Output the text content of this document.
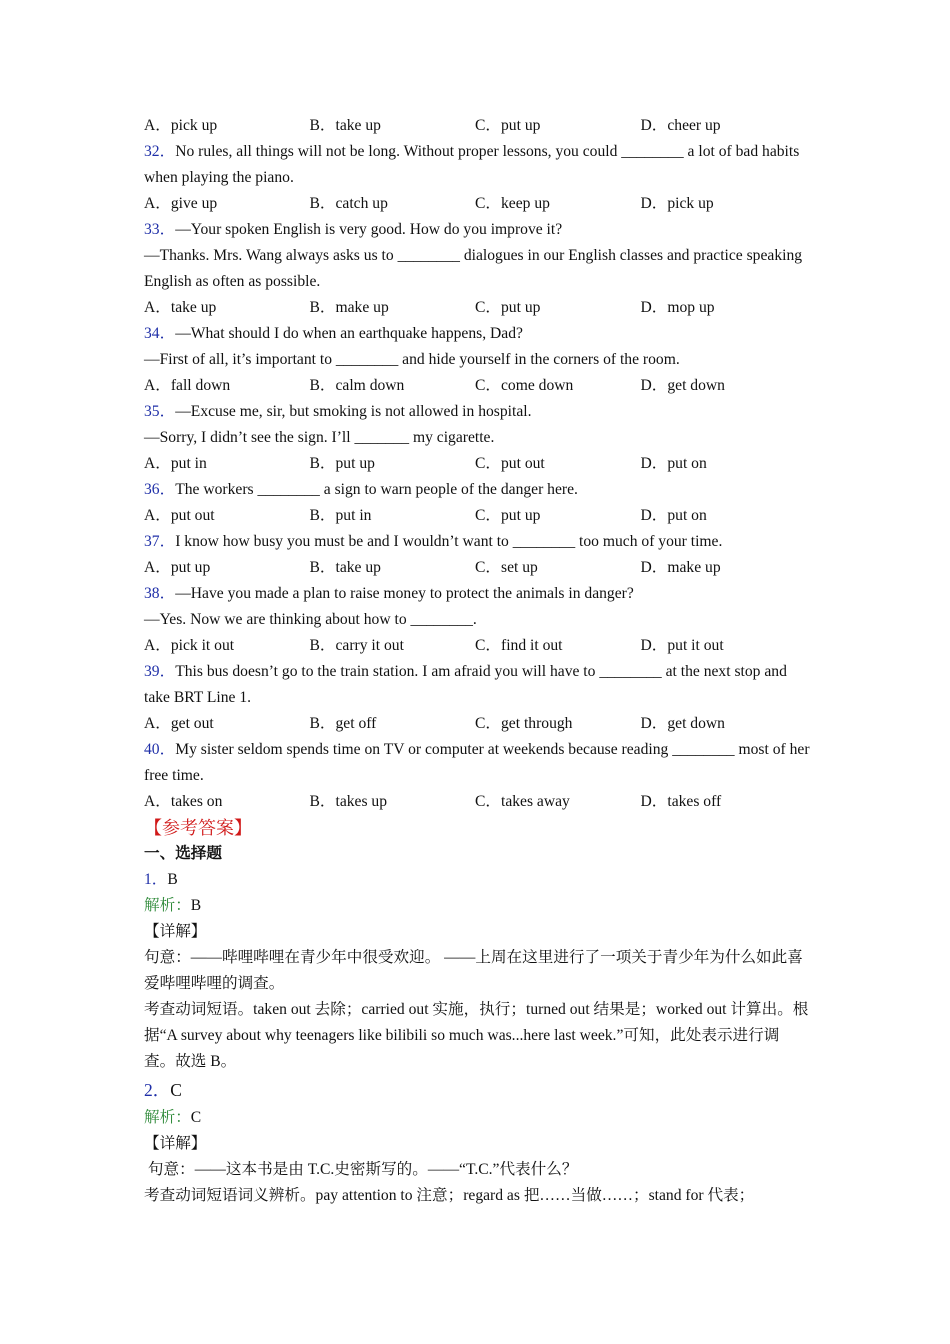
A．pick up	B．take up	C．put up	D．cheer up

32．No rules, all things will not be long. Without proper lessons, you could ________ a lot of bad habits when playing the piano.

A．give up	B．catch up	C．keep up	D．pick up

33．—Your spoken English is very good. How do you improve it?

—Thanks. Mrs. Wang always asks us to ________ dialogues in our English classes and practice speaking English as often as possible.

A．take up	B．make up	C．put up	D．mop up

34．—What should I do when an earthquake happens, Dad?

—First of all, it’s important to ________ and hide yourself in the corners of the room.

A．fall down	B．calm down	C．come down	D．get down

35．—Excuse me, sir, but smoking is not allowed in hospital.

—Sorry, I didn’t see the sign. I’ll _______ my cigarette.

A．put in	B．put up	C．put out	D．put on

36．The workers ________ a sign to warn people of the danger here.

A．put out	B．put in	C．put up	D．put on

37．I know how busy you must be and I wouldn’t want to ________ too much of your time.

A．put up	B．take up	C．set up	D．make up

38．—Have you made a plan to raise money to protect the animals in danger?

—Yes. Now we are thinking about how to ________.

A．pick it out	B．carry it out	C．find it out	D．put it out

39．This bus doesn’t go to the train station. I am afraid you will have to ________ at the next stop and take BRT Line 1.

A．get out	B．get off	C．get through	D．get down

40．My sister seldom spends time on TV or computer at weekends because reading ________ most of her free time.

A．takes on	B．takes up	C．takes away	D．takes off

【参考答案】

一、选择题

1．B

解析：B

【详解】

句意：——哔哩哔哩在青少年中很受欢迎。 ——上周在这里进行了一项关于青少年为什么如此喜爱哔哩哔哩的调查。

考查动词短语。taken out 去除；carried out 实施，执行；turned out 结果是；worked out 计算出。根据“A survey about why teenagers like bilibili so much was...here last week.”可知，此处表示进行调查。故选 B。

2．C

解析：C

【详解】

句意：——这本书是由 T.C.史密斯写的。——“T.C.”代表什么？

考查动词短语词义辨析。pay attention to 注意；regard as 把……当做……；stand for 代表；
